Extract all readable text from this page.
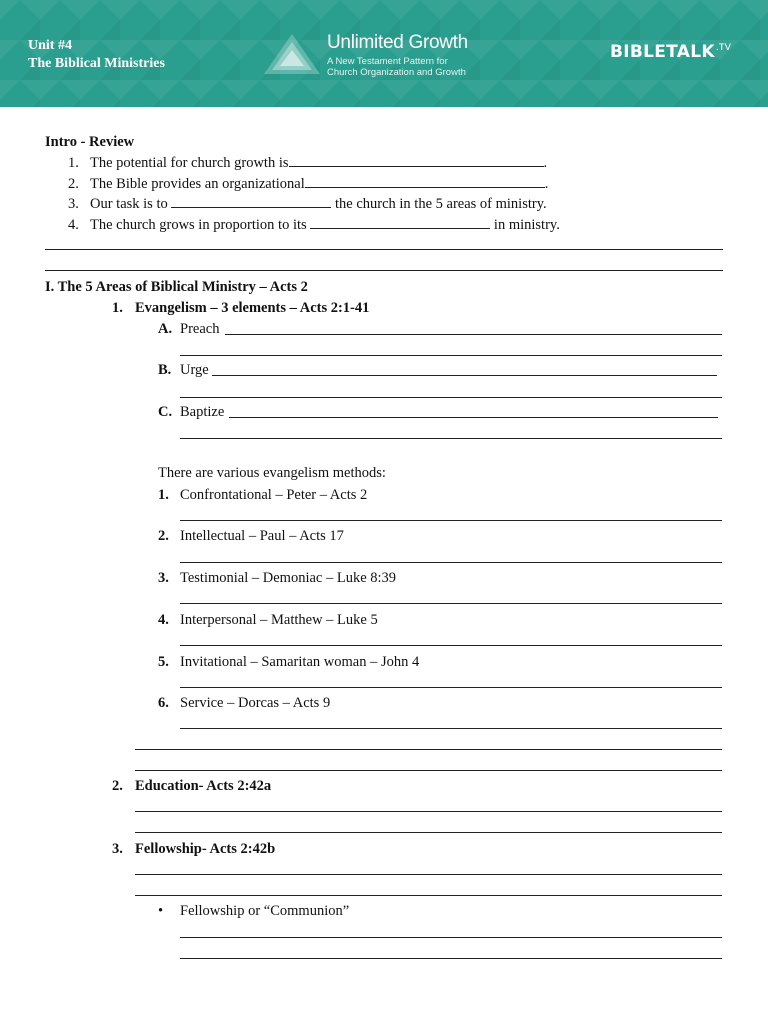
Unit #4
The Biblical Ministries
Unlimited Growth
A New Testament Pattern for
Church Organization and Growth
$BIBLETALK^{.TV}$
Intro - Review
1. The potential for church growth is	.
2. The Bible provides an organizational	.
3. Our task is to	the church in the 5 areas of ministry.
4. The church grows in proportion to its	in ministry.
I. The 5 Areas of Biblical Ministry – Acts 2
1. Evangelism – 3 elements – Acts 2:1-41
A. Preach
B. Urge
C. Baptize
There are various evangelism methods:
1. Confrontational – Peter – Acts 2
2. Intellectual – Paul – Acts 17
3. Testimonial – Demoniac – Luke 8:39
4. Interpersonal – Matthew – Luke 5
5. Invitational – Samaritan woman – John 4
6. Service – Dorcas – Acts 9
2. Education- Acts 2:42a
3. Fellowship- Acts 2:42b
• Fellowship or “Communion”
